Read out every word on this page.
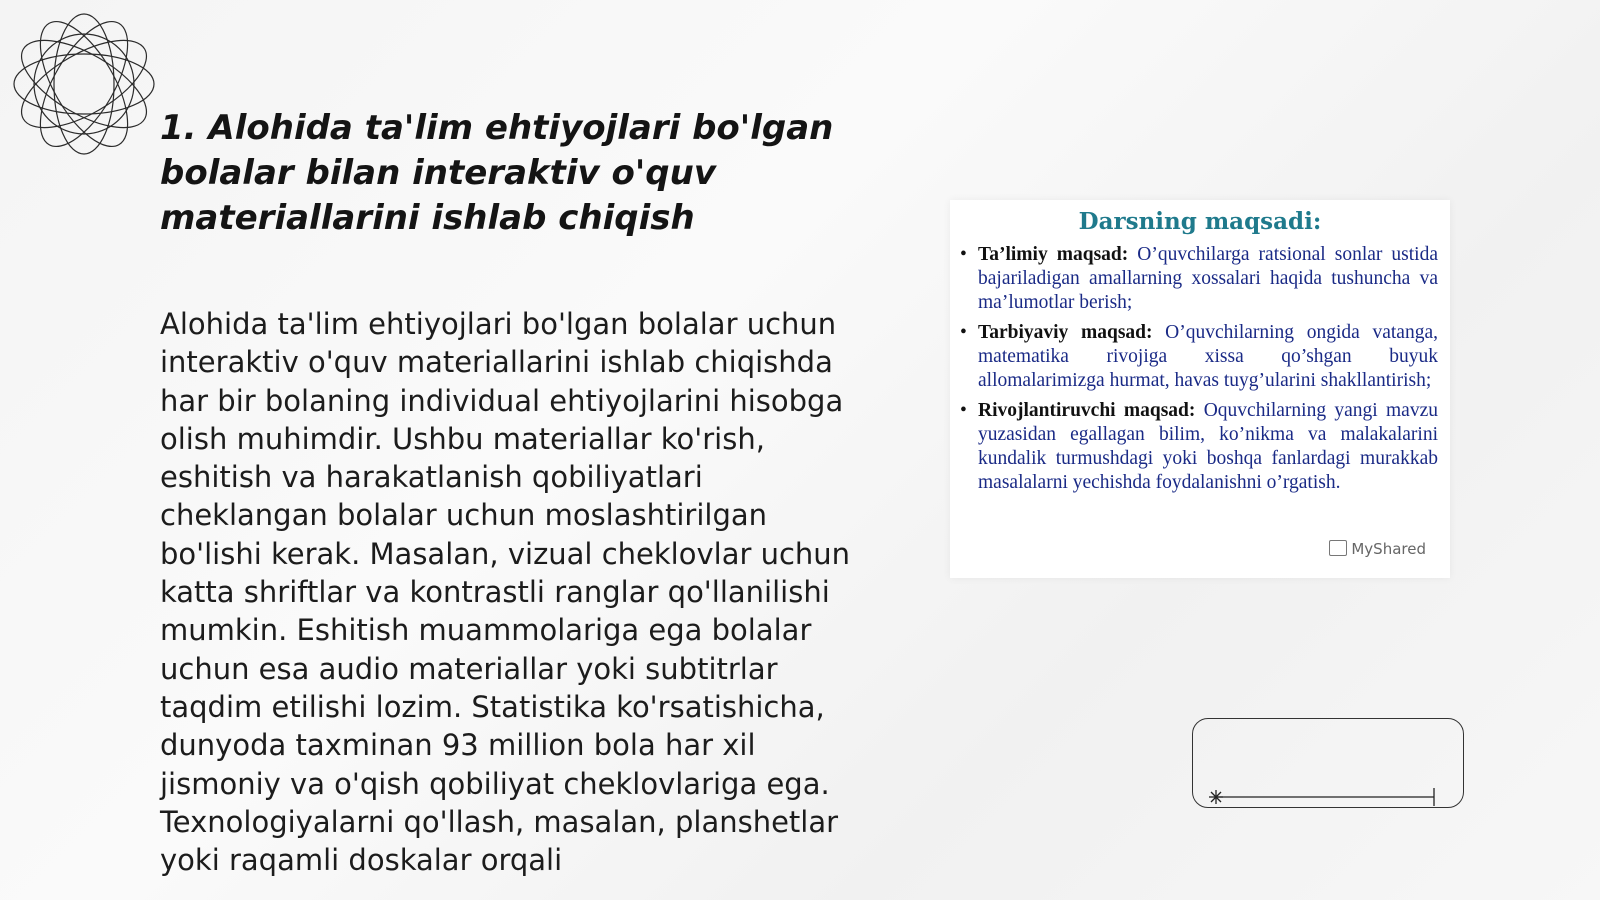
1. Alohida ta'lim ehtiyojlari bo'lgan bolalar bilan interaktiv o'quv materiallarini ishlab chiqish

Alohida ta'lim ehtiyojlari bo'lgan bolalar uchun interaktiv o'quv materiallarini ishlab chiqishda har bir bolaning individual ehtiyojlarini hisobga olish muhimdir. Ushbu materiallar ko'rish, eshitish va harakatlanish qobiliyatlari cheklangan bolalar uchun moslashtirilgan bo'lishi kerak. Masalan, vizual cheklovlar uchun katta shriftlar va kontrastli ranglar qo'llanilishi mumkin. Eshitish muammolariga ega bolalar uchun esa audio materiallar yoki subtitrlar taqdim etilishi lozim. Statistika ko'rsatishicha, dunyoda taxminan 93 million bola har xil jismoniy va o'qish qobiliyat cheklovlariga ega. Texnologiyalarni qo'llash, masalan, planshetlar yoki raqamli doskalar orqali

Darsning maqsadi:
• Ta’limiy maqsad: O’quvchilarga ratsional sonlar ustida bajariladigan amallarning xossalari haqida tushuncha va ma’lumotlar berish;
• Tarbiyaviy maqsad: O’quvchilarning ongida vatanga, matematika rivojiga xissa qo’shgan buyuk allomalarimizga hurmat, havas tuyg’ularini shakllantirish;
• Rivojlantiruvchi maqsad: Oquvchilarning yangi mavzu yuzasidan egallagan bilim, ko’nikma va malakalarini kundalik turmushdagi yoki boshqa fanlardagi murakkab masalalarni yechishda foydalanishni o’rgatish.
MyShared
